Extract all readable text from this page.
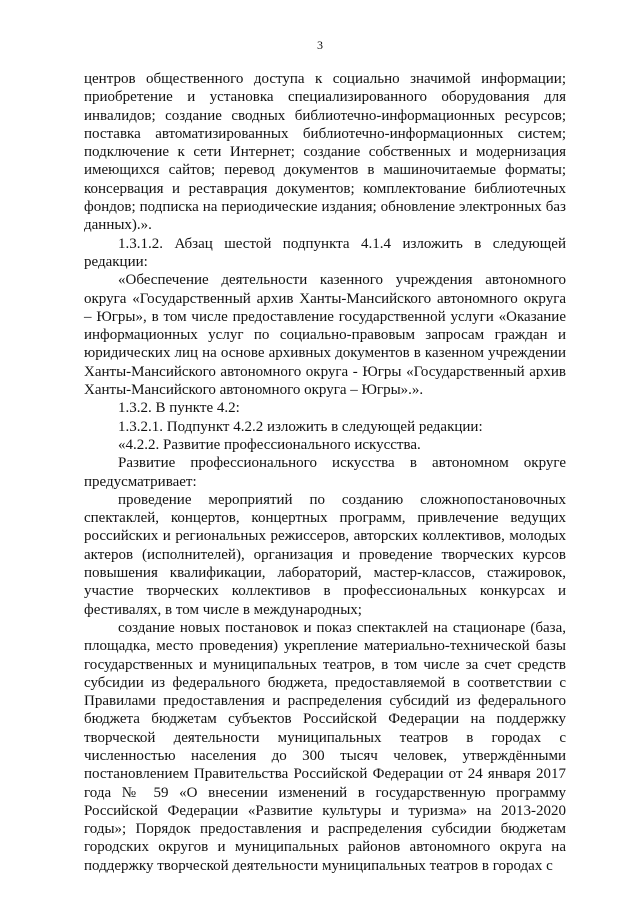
3

центров общественного доступа к социально значимой информации; приобретение и установка специализированного оборудования для инвалидов; создание сводных библиотечно-информационных ресурсов; поставка автоматизированных библиотечно-информационных систем; подключение к сети Интернет; создание собственных и модернизация имеющихся сайтов; перевод документов в машиночитаемые форматы; консервация и реставрация документов; комплектование библиотечных фондов; подписка на периодические издания; обновление электронных баз данных).».

1.3.1.2. Абзац шестой подпункта 4.1.4 изложить в следующей редакции:

«Обеспечение деятельности казенного учреждения автономного округа «Государственный архив Ханты-Мансийского автономного округа – Югры», в том числе предоставление государственной услуги «Оказание информационных услуг по социально-правовым запросам граждан и юридических лиц на основе архивных документов в казенном учреждении Ханты-Мансийского автономного округа - Югры «Государственный архив Ханты-Мансийского автономного округа – Югры».».

1.3.2. В пункте 4.2:

1.3.2.1. Подпункт 4.2.2 изложить в следующей редакции:

«4.2.2. Развитие профессионального искусства.

Развитие профессионального искусства в автономном округе предусматривает:

проведение мероприятий по созданию сложнопостановочных спектаклей, концертов, концертных программ, привлечение ведущих российских и региональных режиссеров, авторских коллективов, молодых актеров (исполнителей), организация и проведение творческих курсов повышения квалификации, лабораторий, мастер-классов, стажировок, участие творческих коллективов в профессиональных конкурсах и фестивалях, в том числе в международных;

создание новых постановок и показ спектаклей на стационаре (база, площадка, место проведения) укрепление материально-технической базы государственных и муниципальных театров, в том числе за счет средств субсидии из федерального бюджета, предоставляемой в соответствии с Правилами предоставления и распределения субсидий из федерального бюджета бюджетам субъектов Российской Федерации на поддержку творческой деятельности муниципальных театров в городах с численностью населения до 300 тысяч человек, утверждёнными постановлением Правительства Российской Федерации от 24 января 2017 года № 59 «О внесении изменений в государственную программу Российской Федерации «Развитие культуры и туризма» на 2013-2020 годы»; Порядок предоставления и распределения субсидии бюджетам городских округов и муниципальных районов автономного округа на поддержку творческой деятельности муниципальных театров в городах с
